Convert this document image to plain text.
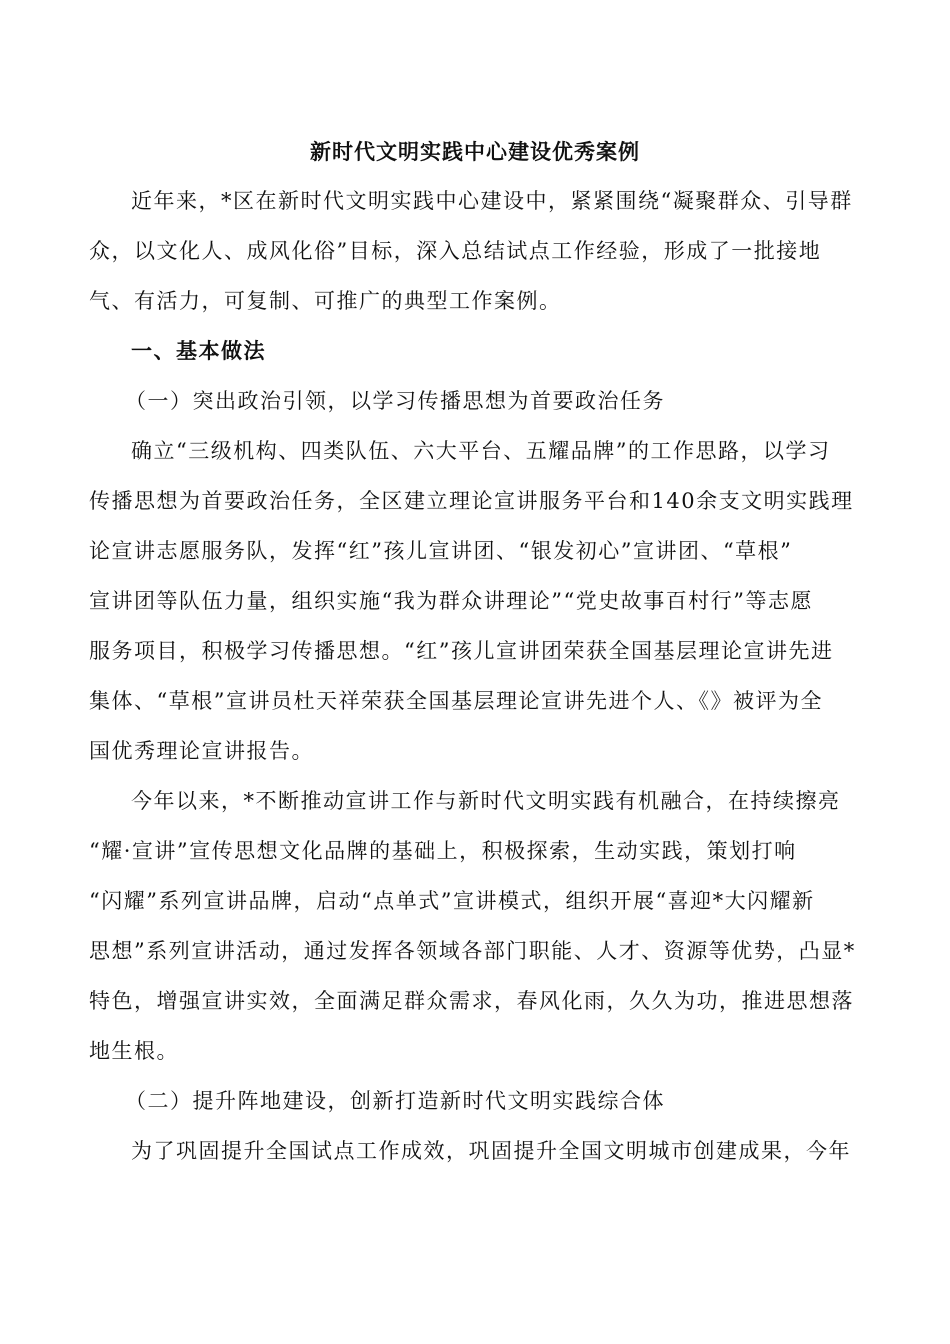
新时代文明实践中心建设优秀案例
近年来，*区在新时代文明实践中心建设中，紧紧围绕“凝聚群众、引导群
众，以文化人、成风化俗”目标，深入总结试点工作经验，形成了一批接地
气、有活力，可复制、可推广的典型工作案例。
一、基本做法
（一）突出政治引领，以学习传播思想为首要政治任务
确立“三级机构、四类队伍、六大平台、五耀品牌”的工作思路，以学习
传播思想为首要政治任务，全区建立理论宣讲服务平台和140余支文明实践理
论宣讲志愿服务队，发挥“红”孩儿宣讲团、“银发初心”宣讲团、“草根”
宣讲团等队伍力量，组织实施“我为群众讲理论”“党史故事百村行”等志愿
服务项目，积极学习传播思想。“红”孩儿宣讲团荣获全国基层理论宣讲先进
集体、“草根”宣讲员杜天祥荣获全国基层理论宣讲先进个人、《》被评为全
国优秀理论宣讲报告。
今年以来，*不断推动宣讲工作与新时代文明实践有机融合，在持续擦亮
“耀·宣讲”宣传思想文化品牌的基础上，积极探索，生动实践，策划打响
“闪耀”系列宣讲品牌，启动“点单式”宣讲模式，组织开展“喜迎*大闪耀新
思想”系列宣讲活动，通过发挥各领域各部门职能、人才、资源等优势，凸显*
特色，增强宣讲实效，全面满足群众需求，春风化雨，久久为功，推进思想落
地生根。
（二）提升阵地建设，创新打造新时代文明实践综合体
为了巩固提升全国试点工作成效，巩固提升全国文明城市创建成果，今年
